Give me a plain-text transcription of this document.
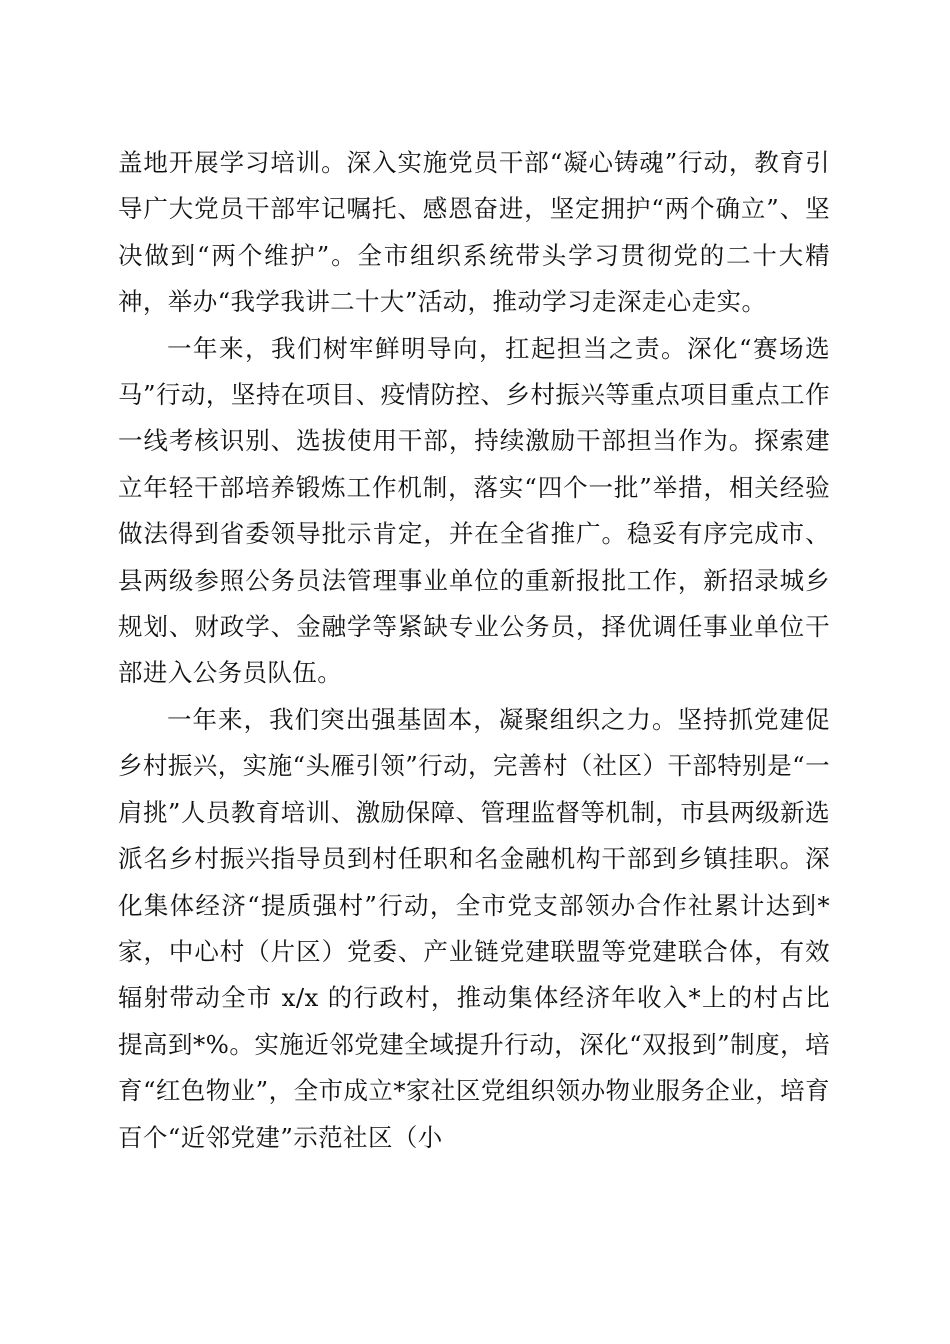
盖地开展学习培训。深入实施党员干部“凝心铸魂”行动，教育引导广大党员干部牢记嘱托、感恩奋进，坚定拥护“两个确立”、坚决做到“两个维护”。全市组织系统带头学习贯彻党的二十大精神，举办“我学我讲二十大”活动，推动学习走深走心走实。

一年来，我们树牢鲜明导向，扛起担当之责。深化“赛场选马”行动，坚持在项目、疫情防控、乡村振兴等重点项目重点工作一线考核识别、选拔使用干部，持续激励干部担当作为。探索建立年轻干部培养锻炼工作机制，落实“四个一批”举措，相关经验做法得到省委领导批示肯定，并在全省推广。稳妥有序完成市、县两级参照公务员法管理事业单位的重新报批工作，新招录城乡规划、财政学、金融学等紧缺专业公务员，择优调任事业单位干部进入公务员队伍。

一年来，我们突出强基固本，凝聚组织之力。坚持抓党建促乡村振兴，实施“头雁引领”行动，完善村（社区）干部特别是“一肩挑”人员教育培训、激励保障、管理监督等机制，市县两级新选派名乡村振兴指导员到村任职和名金融机构干部到乡镇挂职。深化集体经济“提质强村”行动，全市党支部领办合作社累计达到*家，中心村（片区）党委、产业链党建联盟等党建联合体，有效辐射带动全市 x/x 的行政村，推动集体经济年收入*上的村占比提高到*%。实施近邻党建全域提升行动，深化“双报到”制度，培育“红色物业”，全市成立*家社区党组织领办物业服务企业，培育百个“近邻党建”示范社区（小
